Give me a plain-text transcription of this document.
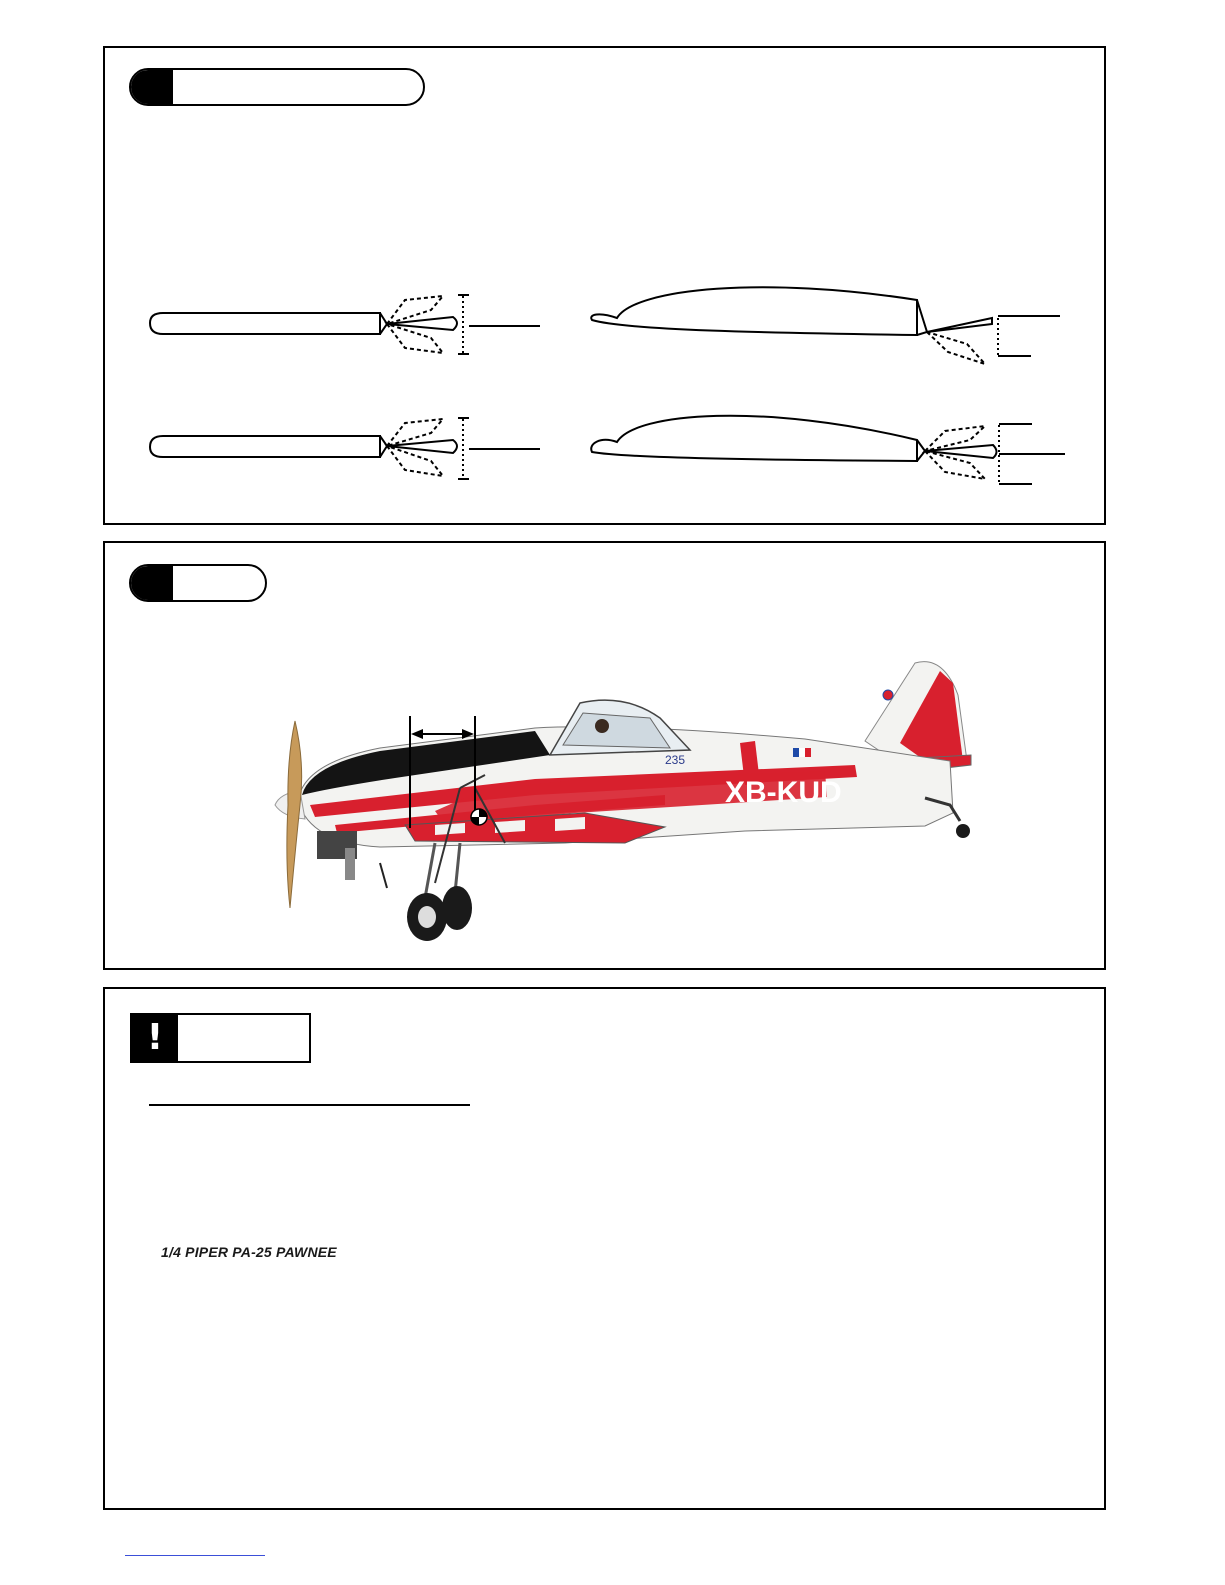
XB-KUD
235
!
1/4 PIPER PA-25 PAWNEE
